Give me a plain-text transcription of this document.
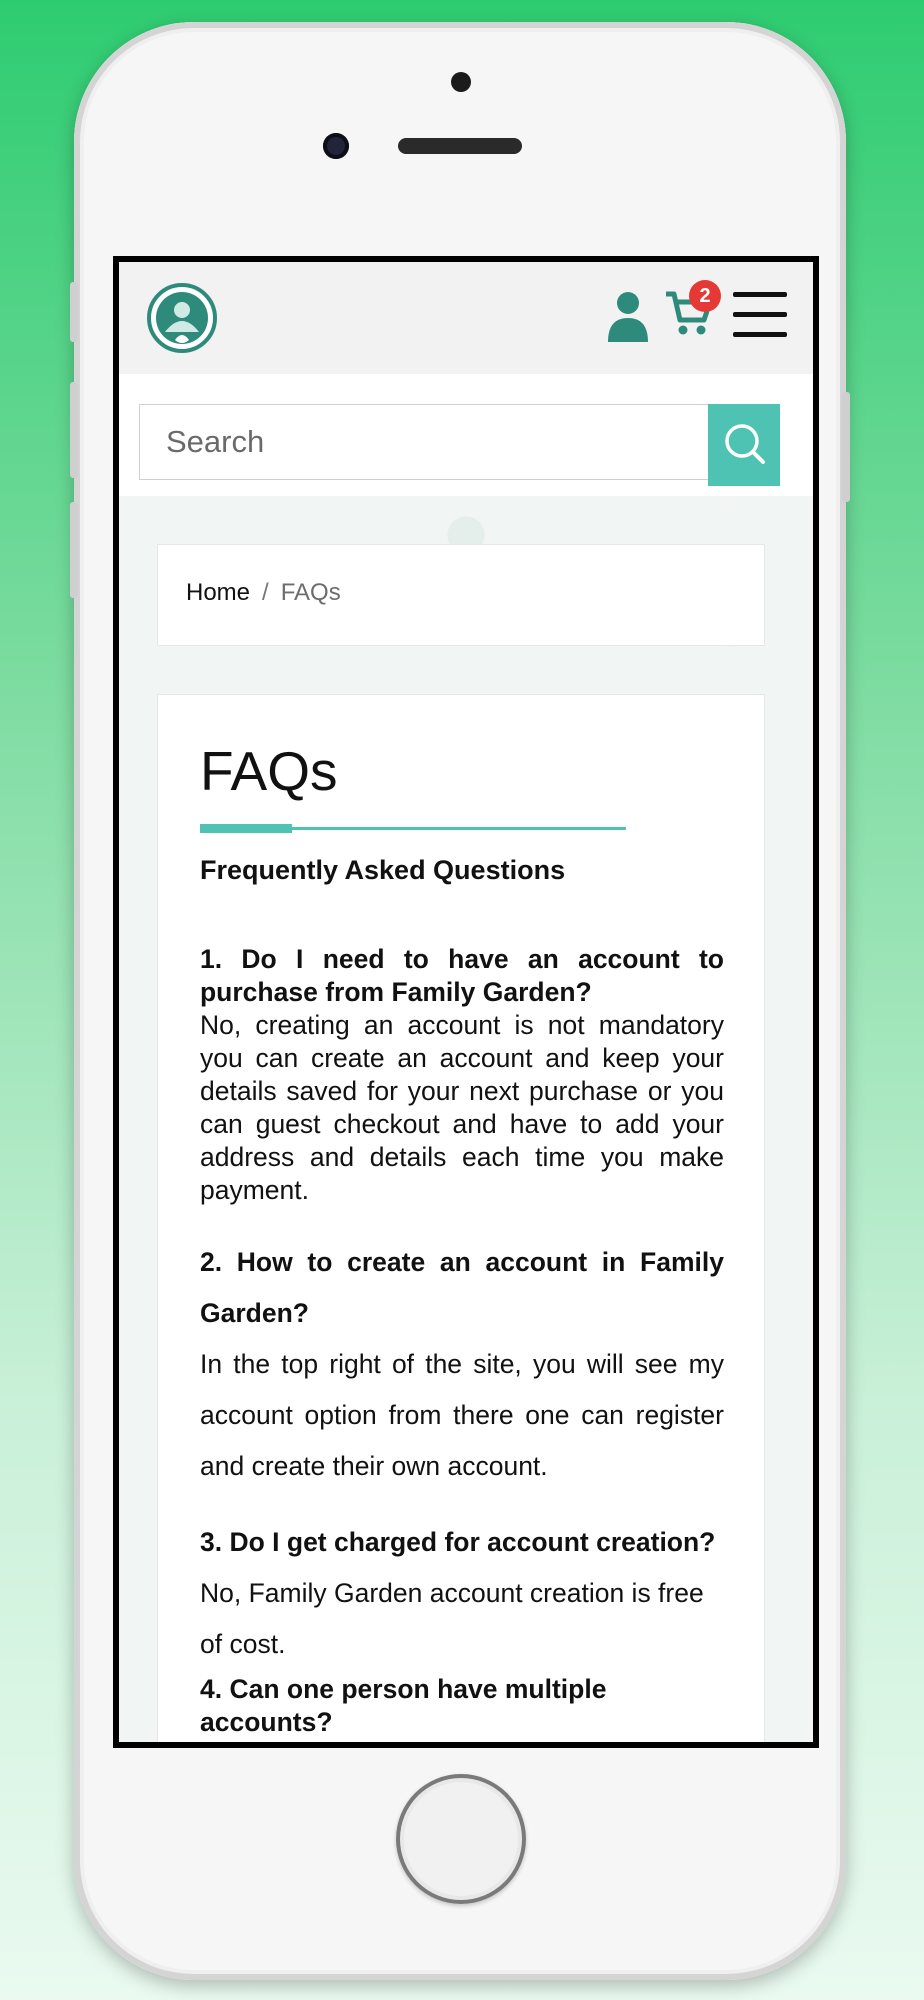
2
Search
Home / FAQs
FAQs
Frequently Asked Questions
1. Do I need to have an account to purchase from Family Garden?
No, creating an account is not mandatory you can create an account and keep your details saved for your next purchase or you can guest checkout and have to add your address and details each time you make payment.
2. How to create an account in Family Garden?
In the top right of the site, you will see my account option from there one can register and create their own account.
3. Do I get charged for account creation?
No, Family Garden account creation is free of cost.
4. Can one person have multiple accounts?
